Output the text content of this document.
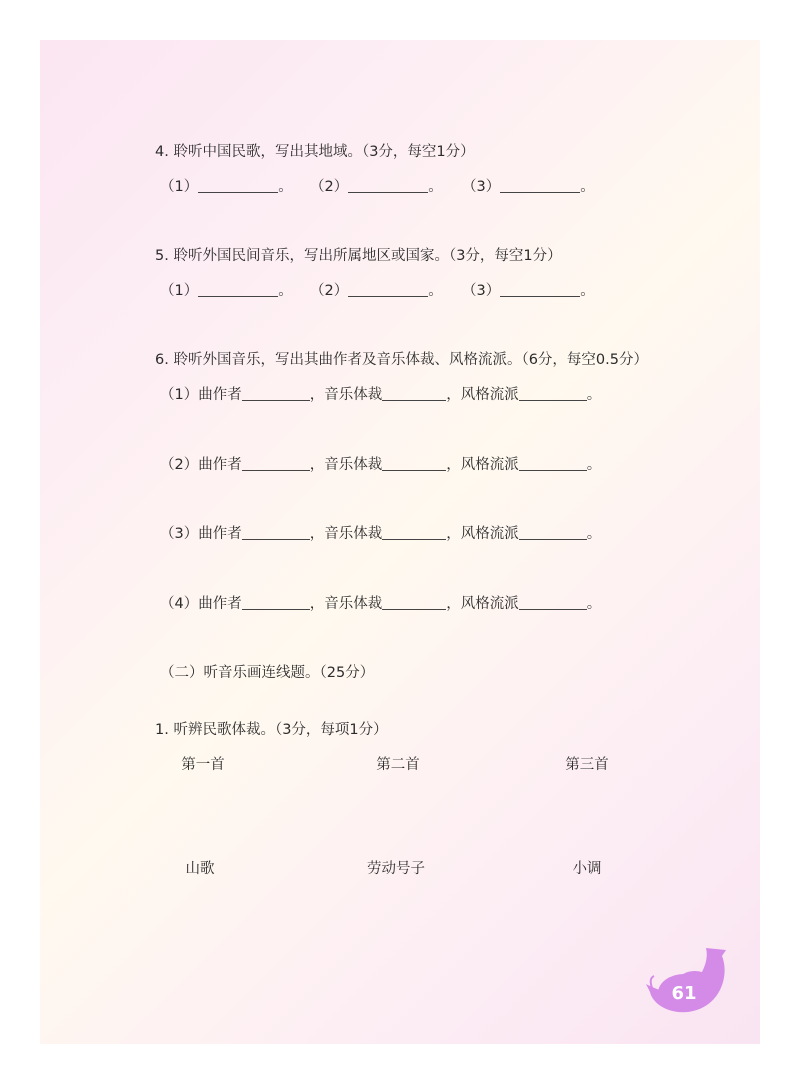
4. 聆听中国民歌，写出其地域。（3分，每空1分）
（1）	。 （2）	。 （3）	。
5. 聆听外国民间音乐，写出所属地区或国家。（3分，每空1分）
（1）	。 （2）	。 （3）	。
6. 聆听外国音乐，写出其曲作者及音乐体裁、风格流派。（6分，每空0.5分）
（1）曲作者	，音乐体裁	，风格流派	。
（2）曲作者	，音乐体裁	，风格流派	。
（3）曲作者	，音乐体裁	，风格流派	。
（4）曲作者	，音乐体裁	，风格流派	。
（二）听音乐画连线题。（25分）
1. 听辨民歌体裁。（3分，每项1分）
第一首	第二首	第三首
山歌	劳动号子	小调
61
